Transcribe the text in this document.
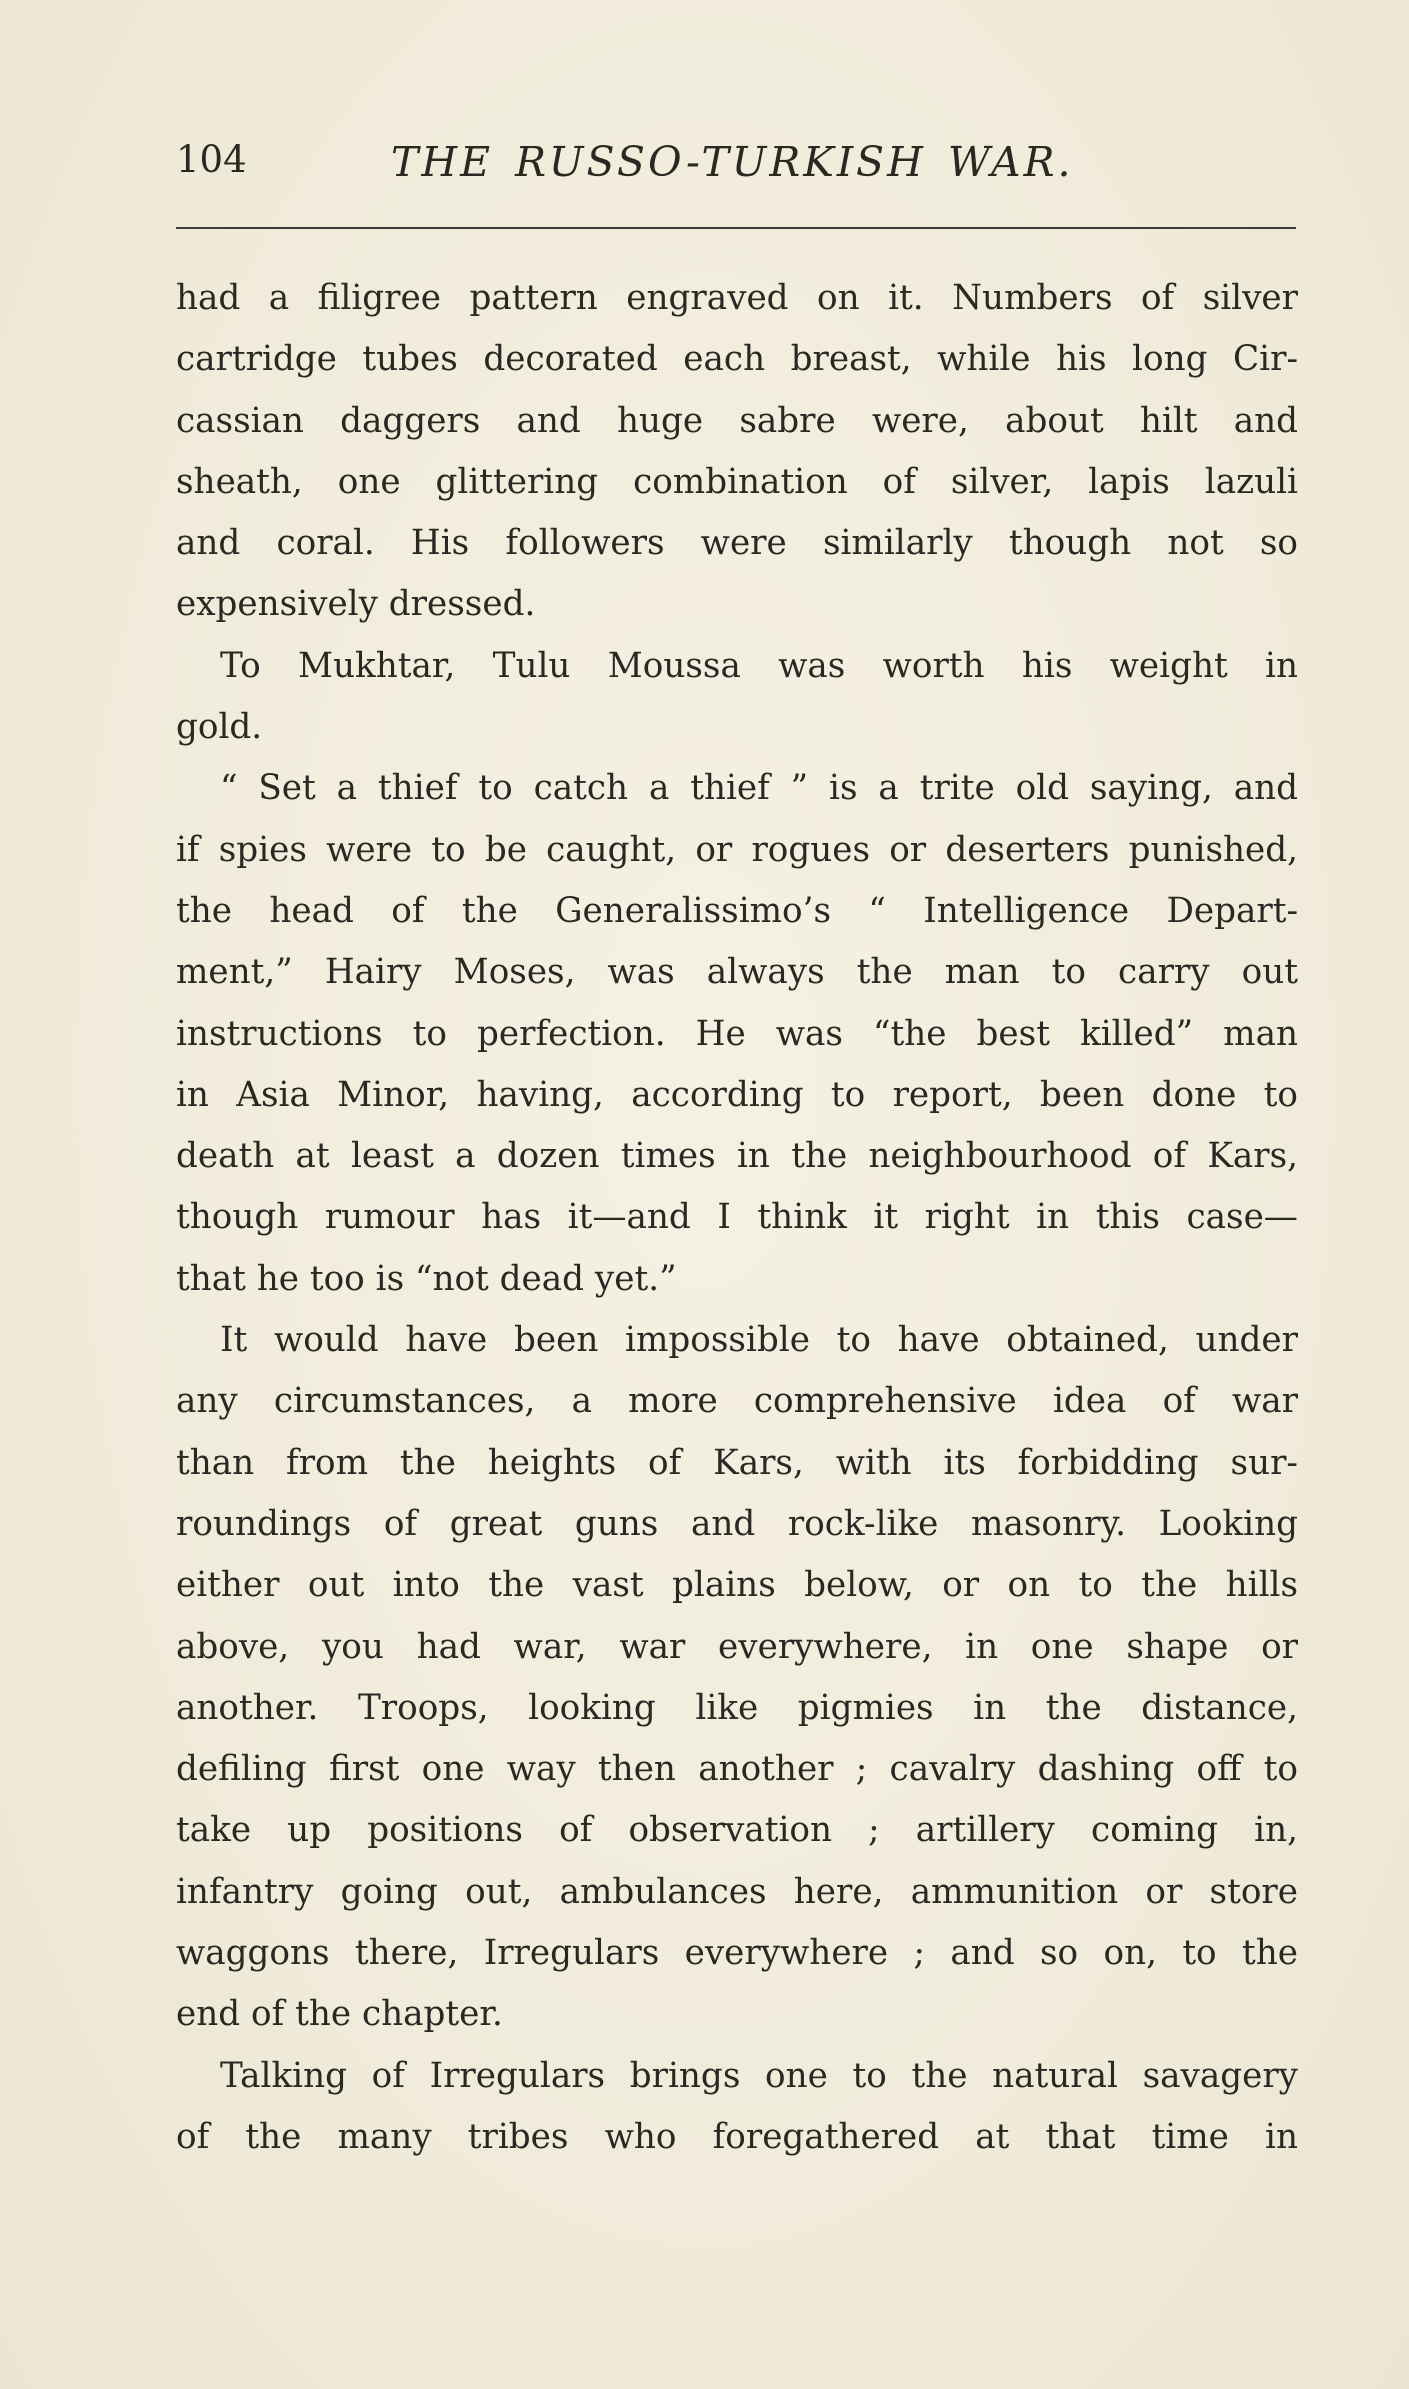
104	THE RUSSO-TURKISH WAR.
had a filigree pattern engraved on it. Numbers of silver
cartridge tubes decorated each breast, while his long Cir-
cassian daggers and huge sabre were, about hilt and
sheath, one glittering combination of silver, lapis lazuli
and coral. His followers were similarly though not so
expensively dressed.
To Mukhtar, Tulu Moussa was worth his weight in
gold.
“ Set a thief to catch a thief ” is a trite old saying, and
if spies were to be caught, or rogues or deserters punished,
the head of the Generalissimo’s “ Intelligence Depart-
ment,” Hairy Moses, was always the man to carry out
instructions to perfection. He was “the best killed” man
in Asia Minor, having, according to report, been done to
death at least a dozen times in the neighbourhood of Kars,
though rumour has it—and I think it right in this case—
that he too is “not dead yet.”
It would have been impossible to have obtained, under
any circumstances, a more comprehensive idea of war
than from the heights of Kars, with its forbidding sur-
roundings of great guns and rock-like masonry. Looking
either out into the vast plains below, or on to the hills
above, you had war, war everywhere, in one shape or
another. Troops, looking like pigmies in the distance,
defiling first one way then another ; cavalry dashing off to
take up positions of observation ; artillery coming in,
infantry going out, ambulances here, ammunition or store
waggons there, Irregulars everywhere ; and so on, to the
end of the chapter.
Talking of Irregulars brings one to the natural savagery
of the many tribes who foregathered at that time in
